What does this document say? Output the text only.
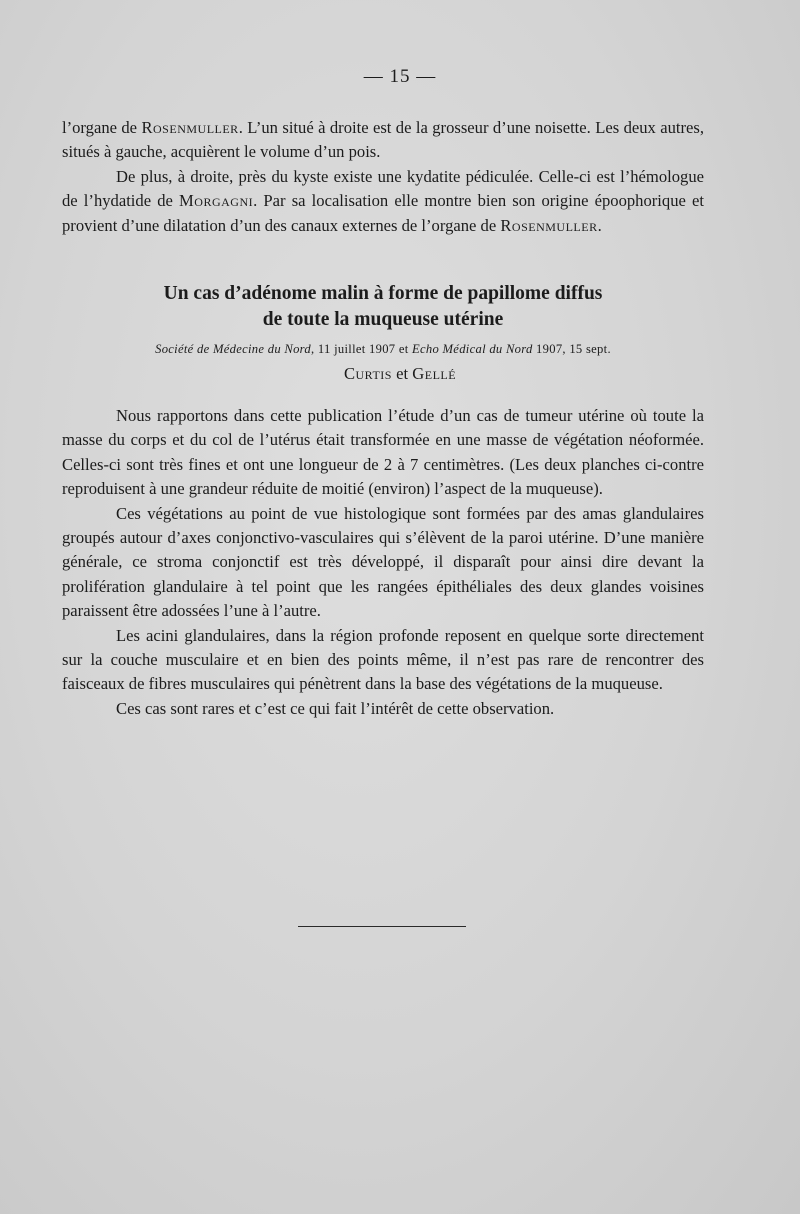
— 15 —

l’organe de Rosenmuller. L’un situé à droite est de la grosseur d’une noisette. Les deux autres, situés à gauche, acquièrent le volume d’un pois.

De plus, à droite, près du kyste existe une kydatite pédiculée. Celle-ci est l’hémologue de l’hydatide de Morgagni. Par sa localisation elle montre bien son origine époophorique et provient d’une dilatation d’un des canaux externes de l’organe de Rosenmuller.

Un cas d’adénome malin à forme de papillome diffus
de toute la muqueuse utérine
Société de Médecine du Nord, 11 juillet 1907 et Echo Médical du Nord 1907, 15 sept.
Curtis et Gellé

Nous rapportons dans cette publication l’étude d’un cas de tumeur utérine où toute la masse du corps et du col de l’utérus était transformée en une masse de végétation néoformée. Celles-ci sont très fines et ont une longueur de 2 à 7 centimètres. (Les deux planches ci-contre reproduisent à une grandeur réduite de moitié (environ) l’aspect de la muqueuse).

Ces végétations au point de vue histologique sont formées par des amas glandulaires groupés autour d’axes conjonctivo-vasculaires qui s’élèvent de la paroi utérine. D’une manière générale, ce stroma conjonctif est très développé, il disparaît pour ainsi dire devant la prolifération glandulaire à tel point que les rangées épithéliales des deux glandes voisines paraissent être adossées l’une à l’autre.

Les acini glandulaires, dans la région profonde reposent en quelque sorte directement sur la couche musculaire et en bien des points même, il n’est pas rare de rencontrer des faisceaux de fibres musculaires qui pénètrent dans la base des végétations de la muqueuse.

Ces cas sont rares et c’est ce qui fait l’intérêt de cette observation.
